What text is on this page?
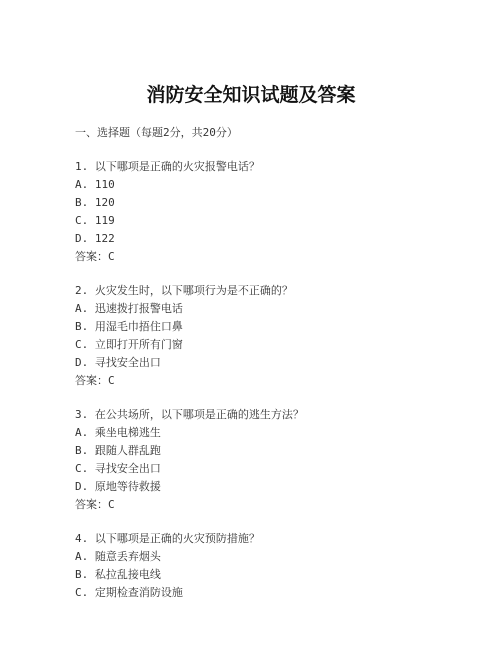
消防安全知识试题及答案
一、选择题（每题2分，共20分）
1. 以下哪项是正确的火灾报警电话？
A. 110
B. 120
C. 119
D. 122
答案：C
2. 火灾发生时，以下哪项行为是不正确的？
A. 迅速拨打报警电话
B. 用湿毛巾捂住口鼻
C. 立即打开所有门窗
D. 寻找安全出口
答案：C
3. 在公共场所，以下哪项是正确的逃生方法？
A. 乘坐电梯逃生
B. 跟随人群乱跑
C. 寻找安全出口
D. 原地等待救援
答案：C
4. 以下哪项是正确的火灾预防措施？
A. 随意丢弃烟头
B. 私拉乱接电线
C. 定期检查消防设施
